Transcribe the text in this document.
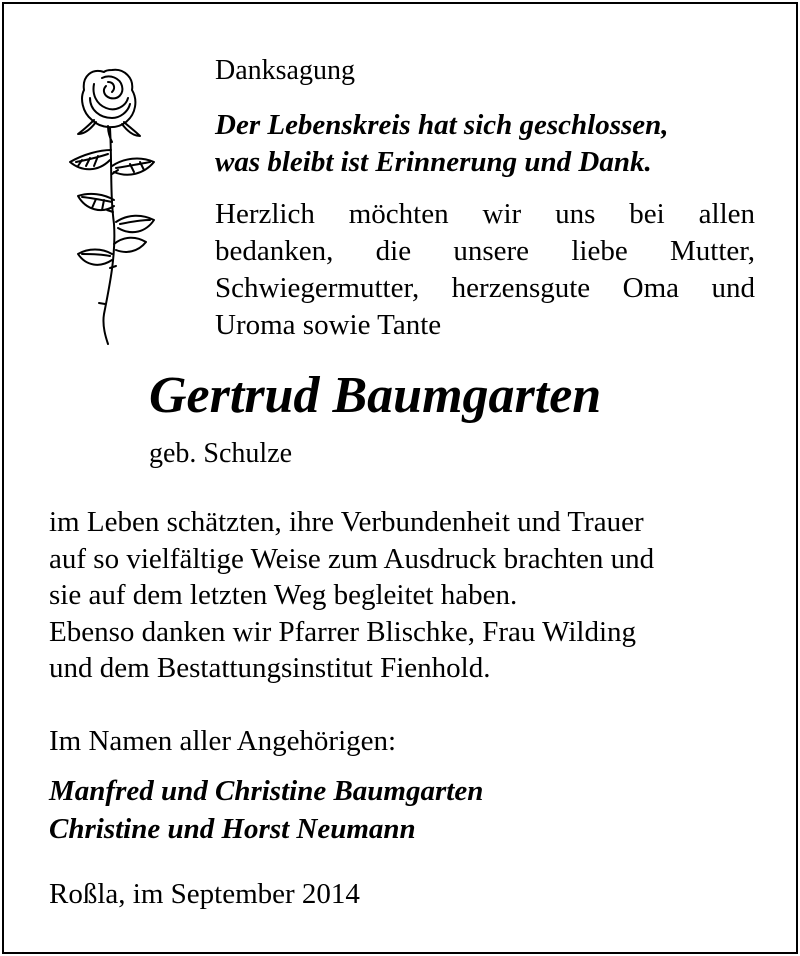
Danksagung
Der Lebenskreis hat sich geschlossen,
was bleibt ist Erinnerung und Dank.
Herzlich möchten wir uns bei allen
bedanken, die unsere liebe Mutter,
Schwiegermutter, herzensgute Oma und
Uroma sowie Tante
Gertrud Baumgarten
geb. Schulze
im Leben schätzten, ihre Verbundenheit und Trauer
auf so vielfältige Weise zum Ausdruck brachten und
sie auf dem letzten Weg begleitet haben.
Ebenso danken wir Pfarrer Blischke, Frau Wilding
und dem Bestattungsinstitut Fienhold.
Im Namen aller Angehörigen:
Manfred und Christine Baumgarten
Christine und Horst Neumann
Roßla, im September 2014
